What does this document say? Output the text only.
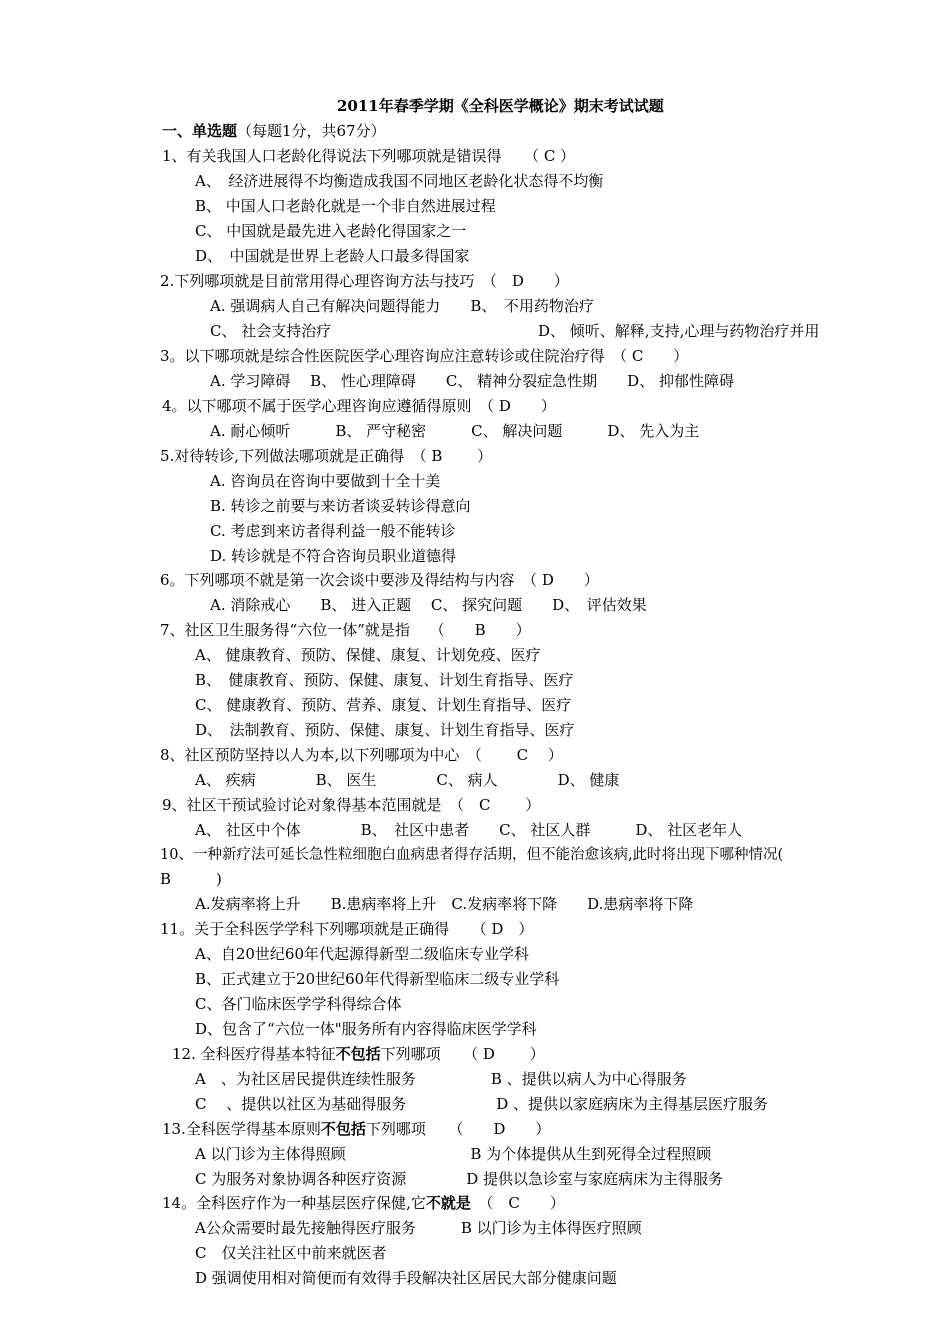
2011年春季学期《全科医学概论》期末考试试题
一、单选题（每题1分，共67分）
1、有关我国人口老龄化得说法下列哪项就是错误得　　（ C ）
A、　经济进展得不均衡造成我国不同地区老龄化状态得不均衡
B、 中国人口老龄化就是一个非自然进展过程
C、 中国就是最先进入老龄化得国家之一
D、　中国就是世界上老龄人口最多得国家
2.下列哪项就是目前常用得心理咨询方法与技巧　（　D　　）
A. 强调病人自己有解决问题得能力　　B、　不用药物治疗
C、 社会支持治疗	D、 倾听、解释,支持,心理与药物治疗并用
3。以下哪项就是综合性医院医学心理咨询应注意转诊或住院治疗得　（ C　　）
A. 学习障碍　 B、 性心理障碍　　C、 精神分裂症急性期　　D、 抑郁性障碍
4。以下哪项不属于医学心理咨询应遵循得原则　（ D　　）
A. 耐心倾听　　　B、 严守秘密　　　C、 解决问题　　　D、 先入为主
5.对待转诊,下列做法哪项就是正确得　（ B　　 ）
A. 咨询员在咨询中要做到十全十美
B. 转诊之前要与来访者谈妥转诊得意向
C. 考虑到来访者得利益一般不能转诊
D. 转诊就是不符合咨询员职业道德得
6。下列哪项不就是第一次会谈中要涉及得结构与内容　（ D　　）
A. 消除戒心　　B、 进入正题　 C、 探究问题　　D、　评估效果
7、社区卫生服务得“六位一体”就是指　 （　　B　　）
A、 健康教育、预防、保健、康复、计划免疫、医疗
B、　健康教育、预防、保健、康复、计划生育指导、医疗
C、 健康教育、预防、营养、康复、计划生育指导、医疗
D、　法制教育、预防、保健、康复、计划生育指导、医疗
8、社区预防坚持以人为本,以下列哪项为中心　（　　 C　 ）
A、 疾病　　　　B、 医生　　　　C、 病人　　　　D、 健康
9、社区干预试验讨论对象得基本范围就是　（　C　　 ）
A、 社区中个体　　　　B、　社区中患者　　C、 社区人群　　　D、 社区老年人
10、一种新疗法可延长急性粒细胞白血病患者得存活期，但不能治愈该病,此时将出现下哪种情况(
B　　　)
A.发病率将上升　　B.患病率将上升　C.发病率将下降　　D.患病率将下降
11。关于全科医学学科下列哪项就是正确得　　（ D　）
A、自20世纪60年代起源得新型二级临床专业学科
B、正式建立于20世纪60年代得新型临床二级专业学科
C、各门临床医学学科得综合体
D、包含了“六位一体"服务所有内容得临床医学学科
12. 全科医疗得基本特征不包括下列哪项　　（ D　　 ）
A　、为社区居民提供连续性服务　　　　　B 、提供以病人为中心得服务
C　 、提供以社区为基础得服务　　　　　　D 、提供以家庭病床为主得基层医疗服务
13.全科医学得基本原则不包括下列哪项　　（　　D　　）
A 以门诊为主体得照顾　　　　　　　　 B 为个体提供从生到死得全过程照顾
C 为服务对象协调各种医疗资源　　　　D 提供以急诊室与家庭病床为主得服务
14。全科医疗作为一种基层医疗保健,它不就是　（　C　　）
A公众需要时最先接触得医疗服务　　　B 以门诊为主体得医疗照顾
C　仅关注社区中前来就医者
D 强调使用相对简便而有效得手段解决社区居民大部分健康问题
